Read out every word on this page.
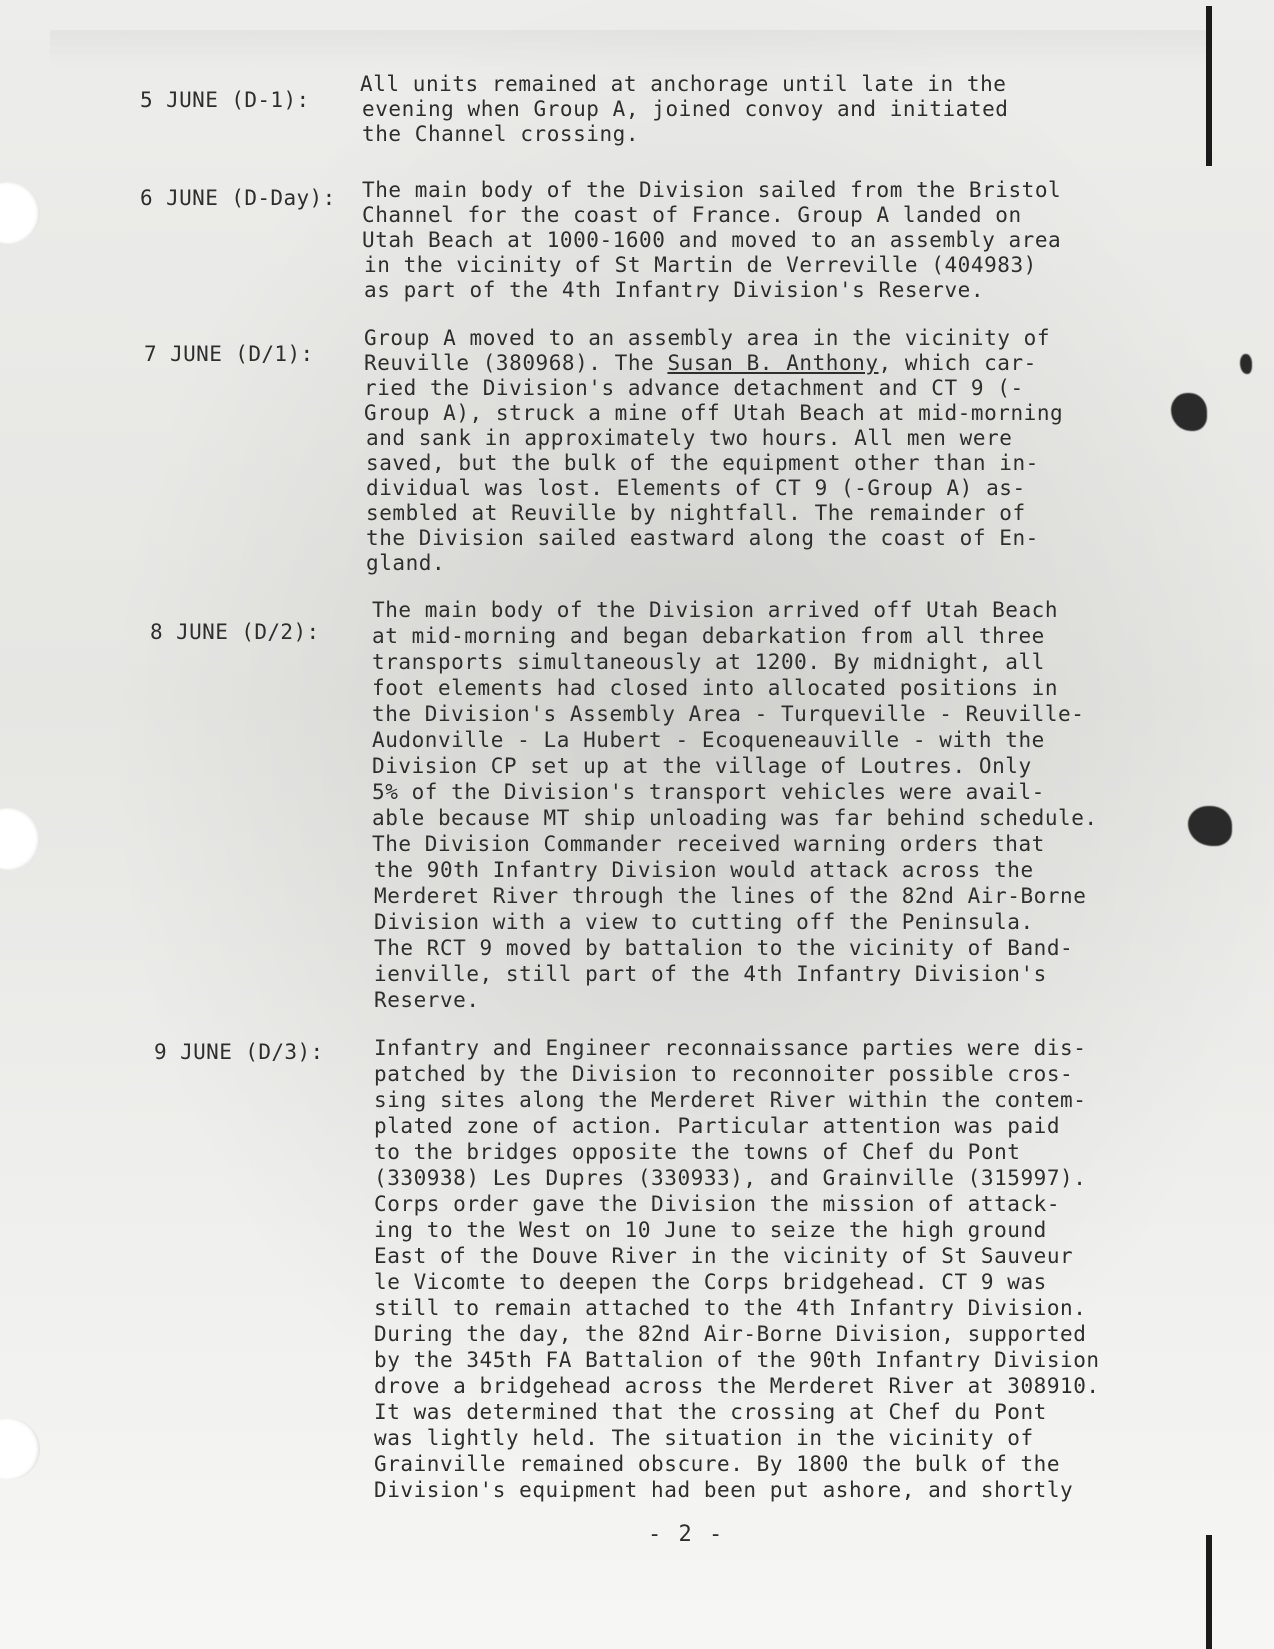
5 JUNE (D-1):
All units remained at anchorage until late in the
evening when Group A, joined convoy and initiated
the Channel crossing.
6 JUNE (D-Day): The main body of the Division sailed from the Bristol
Channel for the coast of France. Group A landed on
Utah Beach at 1000-1600 and moved to an assembly area
in the vicinity of St Martin de Verreville (404983)
as part of the 4th Infantry Division's Reserve.
7 JUNE (D/1):
Group A moved to an assembly area in the vicinity of
Reuville (380968). The Susan B. Anthony, which car-
ried the Division's advance detachment and CT 9 (-
Group A), struck a mine off Utah Beach at mid-morning
and sank in approximately two hours. All men were
saved, but the bulk of the equipment other than in-
dividual was lost. Elements of CT 9 (-Group A) as-
sembled at Reuville by nightfall. The remainder of
the Division sailed eastward along the coast of En-
gland.
8 JUNE (D/2):
The main body of the Division arrived off Utah Beach
at mid-morning and began debarkation from all three
transports simultaneously at 1200. By midnight, all
foot elements had closed into allocated positions in
the Division's Assembly Area - Turqueville - Reuville-
Audonville - La Hubert - Ecoqueneauville - with the
Division CP set up at the village of Loutres. Only
5% of the Division's transport vehicles were avail-
able because MT ship unloading was far behind schedule.
The Division Commander received warning orders that
the 90th Infantry Division would attack across the
Merderet River through the lines of the 82nd Air-Borne
Division with a view to cutting off the Peninsula.
The RCT 9 moved by battalion to the vicinity of Band-
ienville, still part of the 4th Infantry Division's
Reserve.
9 JUNE (D/3): Infantry and Engineer reconnaissance parties were dis-
patched by the Division to reconnoiter possible cros-
sing sites along the Merderet River within the contem-
plated zone of action. Particular attention was paid
to the bridges opposite the towns of Chef du Pont
(330938) Les Dupres (330933), and Grainville (315997).
Corps order gave the Division the mission of attack-
ing to the West on 10 June to seize the high ground
East of the Douve River in the vicinity of St Sauveur
le Vicomte to deepen the Corps bridgehead. CT 9 was
still to remain attached to the 4th Infantry Division.
During the day, the 82nd Air-Borne Division, supported
by the 345th FA Battalion of the 90th Infantry Division
drove a bridgehead across the Merderet River at 308910.
It was determined that the crossing at Chef du Pont
was lightly held. The situation in the vicinity of
Grainville remained obscure. By 1800 the bulk of the
Division's equipment had been put ashore, and shortly
- 2 -
